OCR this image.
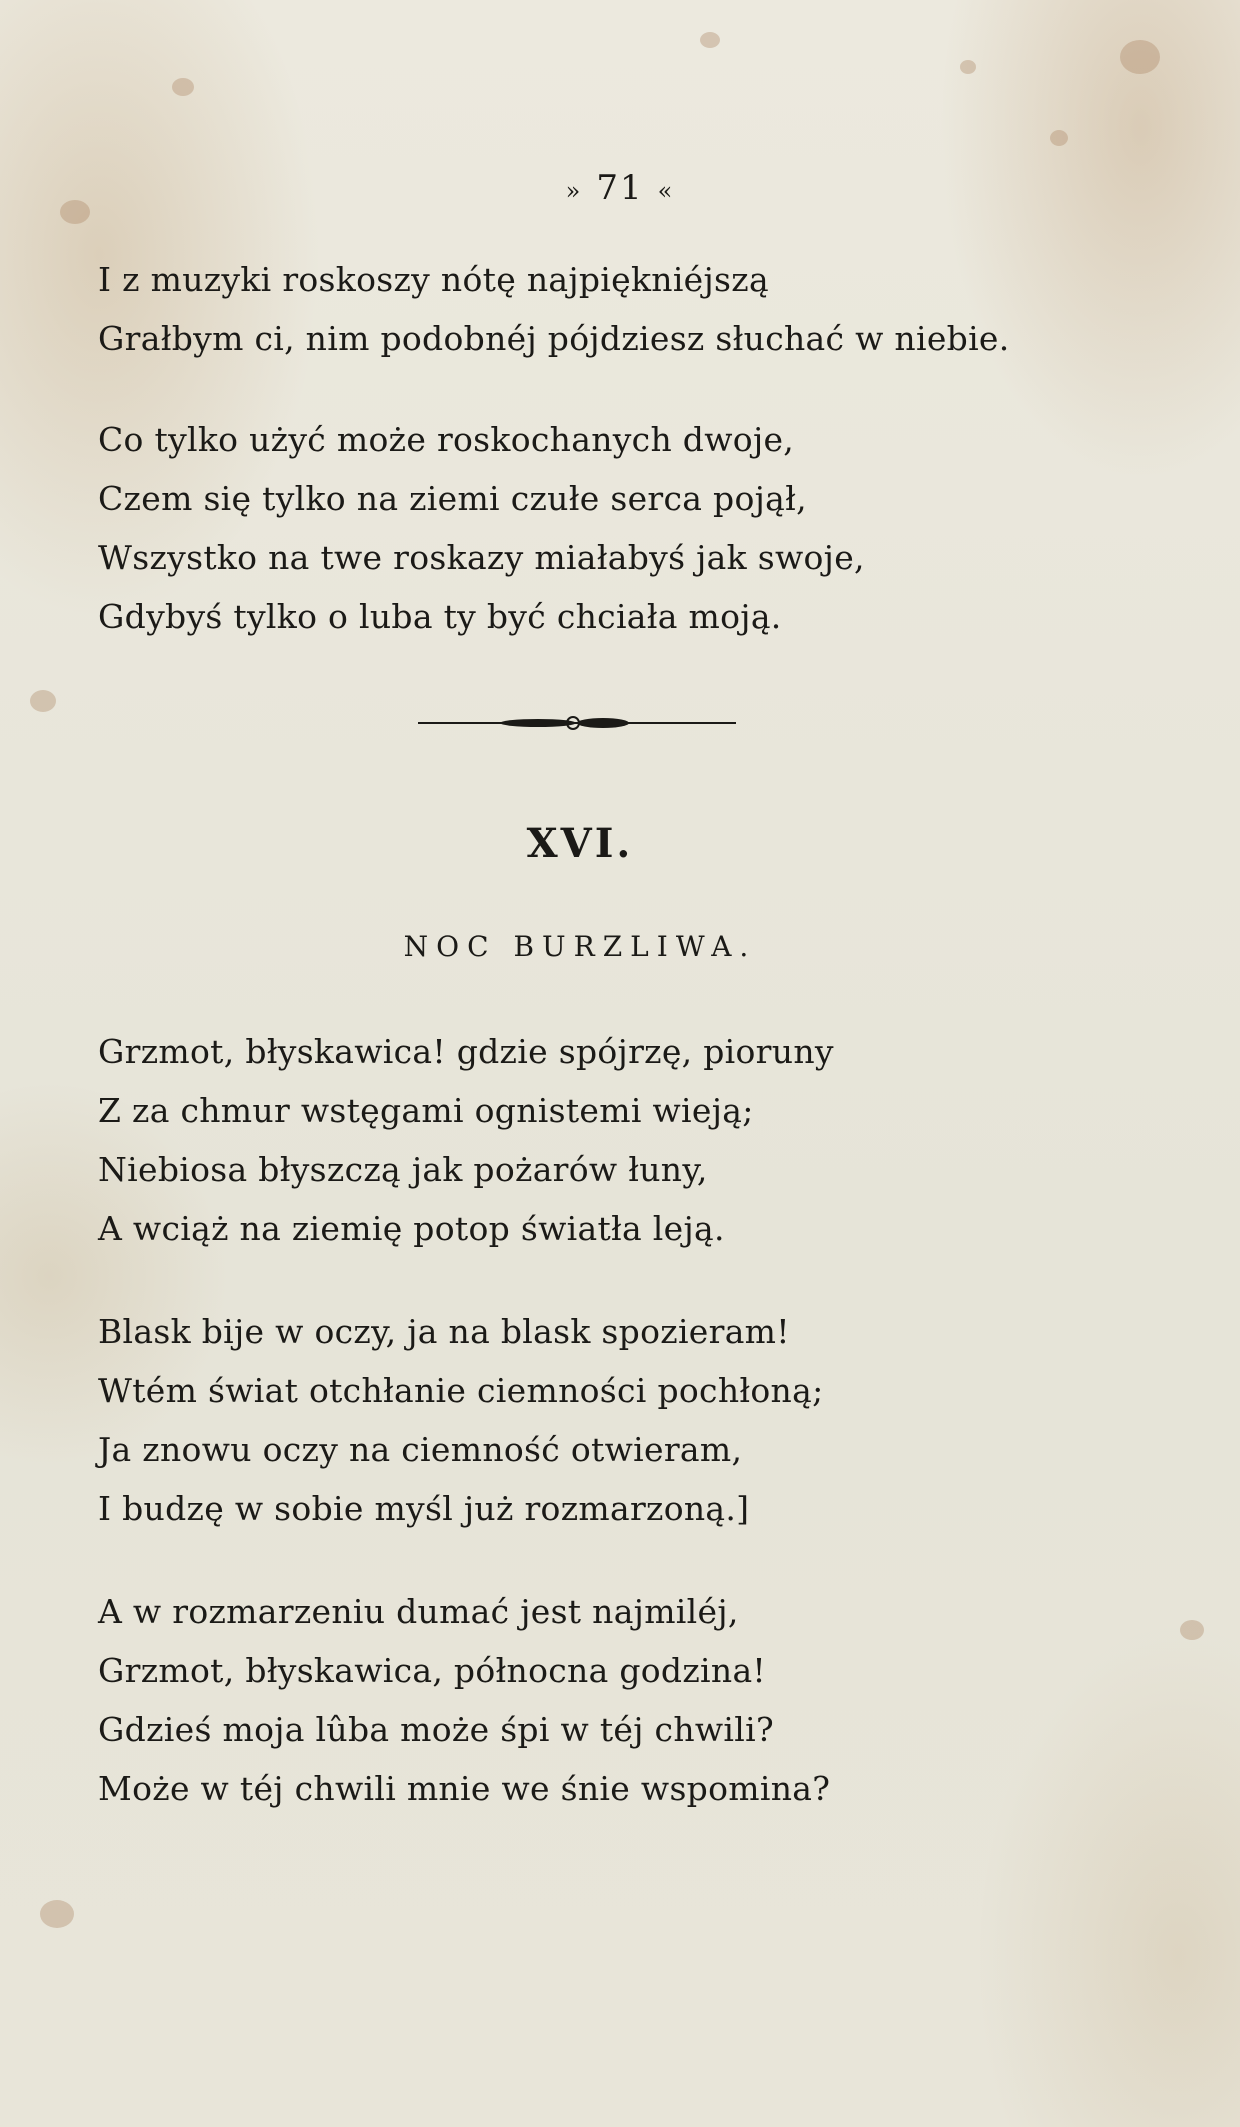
» 71 «
I z muzyki roskoszy nótę najpiękniéjszą
Grałbym ci, nim podobnéj pójdziesz słuchać w niebie.
Co tylko użyć może roskochanych dwoje,
Czem się tylko na ziemi czułe serca pojął,
Wszystko na twe roskazy miałabyś jak swoje,
Gdybyś tylko o luba ty być chciała moją.
XVI.
NOC BURZLIWA.
Grzmot, błyskawica! gdzie spójrzę, pioruny
Z za chmur wstęgami ognistemi wieją;
Niebiosa błyszczą jak pożarów łuny,
A wciąż na ziemię potop światła leją.
Blask bije w oczy, ja na blask spozieram!
Wtém świat otchłanie ciemności pochłoną;
Ja znowu oczy na ciemność otwieram,
I budzę w sobie myśl już rozmarzoną.]
A w rozmarzeniu dumać jest najmiléj,
Grzmot, błyskawica, północna godzina!
Gdzieś moja lûba może śpi w téj chwili?
Może w téj chwili mnie we śnie wspomina?
